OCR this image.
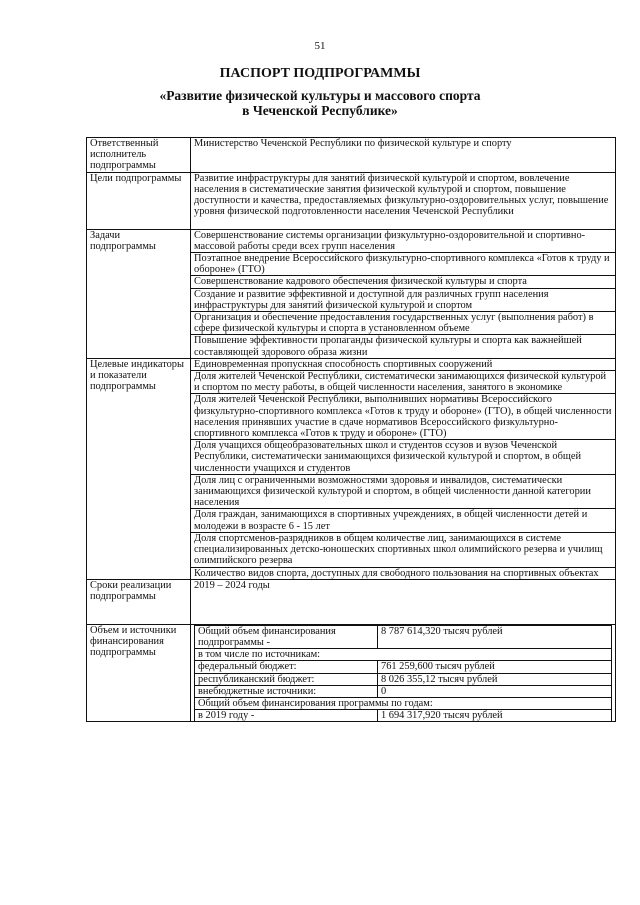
51
ПАСПОРТ ПОДПРОГРАММЫ
«Развитие физической культуры и массового спорта
в Чеченской Республике»
Ответственный исполнитель подпрограммы	Министерство Чеченской Республики по физической культуре и спорту
Цели подпрограммы	Развитие инфраструктуры для занятий физической культурой и спортом, вовлечение населения в систематические занятия физической культурой и спортом, повышение доступности и качества, предоставляемых физкультурно-оздоровительных услуг, повышение уровня физической подготовленности населения Чеченской Республики
Задачи подпрограммы	Совершенствование системы организации физкультурно-оздоровительной и спортивно-массовой работы среди всех групп населения
Поэтапное внедрение Всероссийского физкультурно-спортивного комплекса «Готов к труду и обороне» (ГТО)
Совершенствование кадрового обеспечения физической культуры и спорта
Создание и развитие эффективной и доступной для различных групп населения инфраструктуры для занятий физической культурой и спортом
Организация и обеспечение предоставления государственных услуг (выполнения работ) в сфере физической культуры и спорта в установленном объеме
Повышение эффективности пропаганды физической культуры и спорта как важнейшей составляющей здорового образа жизни
Целевые индикаторы и показатели подпрограммы	Единовременная пропускная способность спортивных сооружений
Доля жителей Чеченской Республики, систематически занимающихся физической культурой и спортом по месту работы, в общей численности населения, занятого в экономике
Доля жителей Чеченской Республики, выполнивших нормативы Всероссийского физкультурно-спортивного комплекса «Готов к труду и обороне» (ГТО), в общей численности населения принявших участие в сдаче нормативов Всероссийского физкультурно-спортивного комплекса «Готов к труду и обороне» (ГТО)
Доля учащихся общеобразовательных школ и студентов ссузов и вузов Чеченской Республики, систематически занимающихся физической культурой и спортом, в общей численности учащихся и студентов
Доля лиц с ограниченными возможностями здоровья и инвалидов, систематически занимающихся физической культурой и спортом, в общей численности данной категории населения
Доля граждан, занимающихся в спортивных учреждениях, в общей численности детей и молодежи в возрасте 6 - 15 лет
Доля спортсменов-разрядников в общем количестве лиц, занимающихся в системе специализированных детско-юношеских спортивных школ олимпийского резерва и училищ олимпийского резерва
Количество видов спорта, доступных для свободного пользования на спортивных объектах
Сроки реализации подпрограммы	2019 – 2024 годы
Объем и источники финансирования подпрограммы	
Общий объем финансирования подпрограммы -	8 787 614,320 тысяч рублей
в том числе по источникам:
федеральный бюджет:	761 259,600 тысяч рублей
республиканский бюджет:	8 026 355,12 тысяч рублей
внебюджетные источники:	0
Общий объем финансирования программы по годам:
в 2019 году -	1 694 317,920 тысяч рублей
